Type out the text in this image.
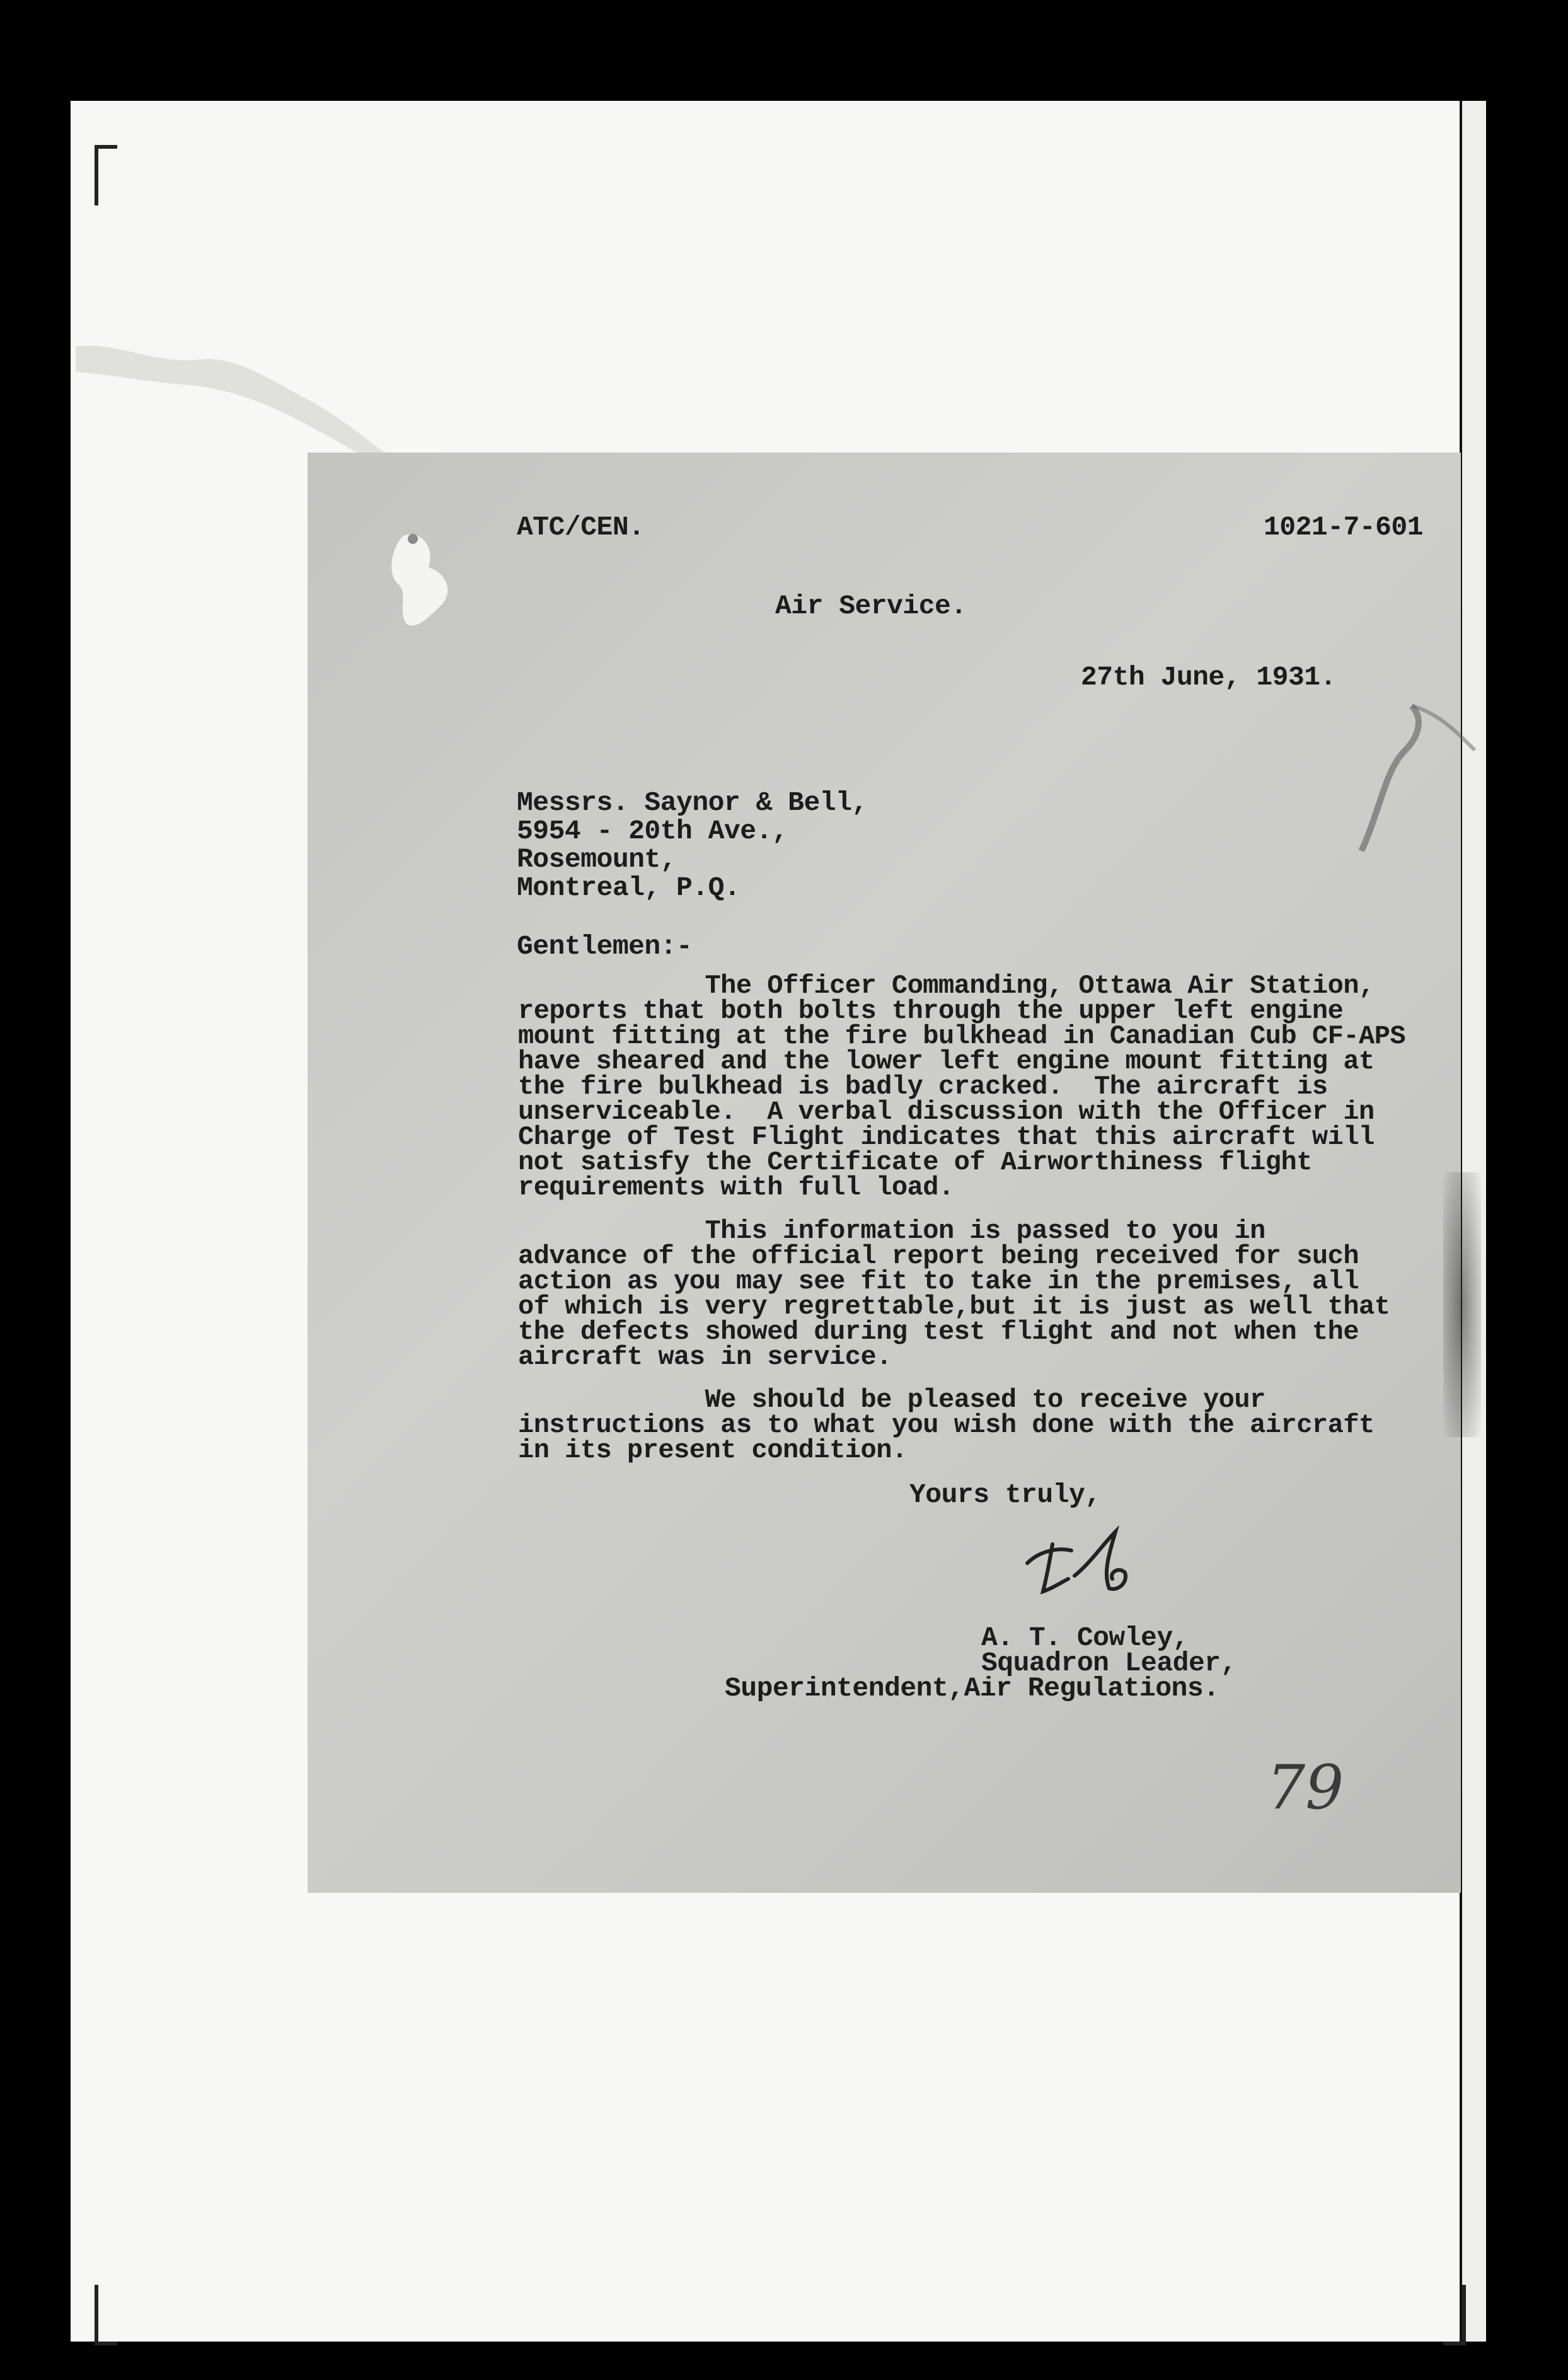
ATC/CEN.	1021-7-601

Air Service.

27th June, 1931.

Messrs. Saynor & Bell,

5954 - 20th Ave.,

Rosemount,

Montreal, P.Q.

Gentlemen:-

The Officer Commanding, Ottawa Air Station,

reports that both bolts through the upper left engine

mount fitting at the fire bulkhead in Canadian Cub CF-APS

have sheared and the lower left engine mount fitting at

the fire bulkhead is badly cracked.  The aircraft is

unserviceable.  A verbal discussion with the Officer in

Charge of Test Flight indicates that this aircraft will

not satisfy the Certificate of Airworthiness flight

requirements with full load.

This information is passed to you in

advance of the official report being received for such

action as you may see fit to take in the premises, all

of which is very regrettable,but it is just as well that

the defects showed during test flight and not when the

aircraft was in service.

We should be pleased to receive your

instructions as to what you wish done with the aircraft

in its present condition.

Yours truly,

A. T. Cowley,

Squadron Leader,

Superintendent,Air Regulations.

79
